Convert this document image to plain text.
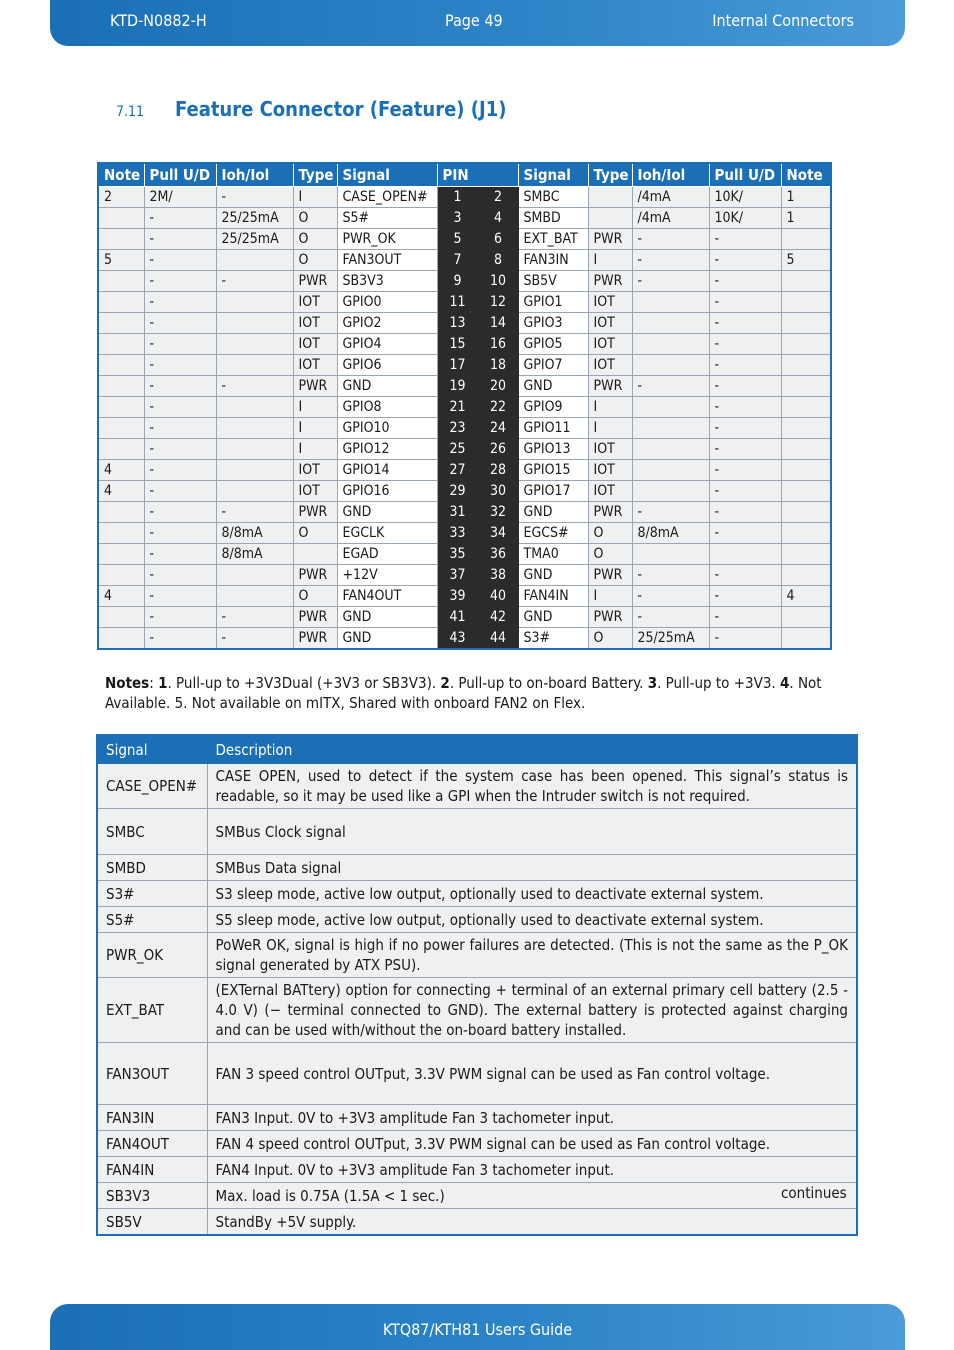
KTD-N0882-H	Page 49	Internal Connectors
7.11 Feature Connector (Feature) (J1)
Note	Pull U/D	Ioh/Iol	Type	Signal	PIN		Signal	Type	Ioh/Iol	Pull U/D	Note
2	2M/	-	I	CASE_OPEN#	1	2	SMBC		/4mA	10K/	1
	-	25/25mA	O	S5#	3	4	SMBD		/4mA	10K/	1
	-	25/25mA	O	PWR_OK	5	6	EXT_BAT	PWR	-	-	
5	-		O	FAN3OUT	7	8	FAN3IN	I	-	-	5
	-	-	PWR	SB3V3	9	10	SB5V	PWR	-	-	
	-		IOT	GPIO0	11	12	GPIO1	IOT		-	
	-		IOT	GPIO2	13	14	GPIO3	IOT		-	
	-		IOT	GPIO4	15	16	GPIO5	IOT		-	
	-		IOT	GPIO6	17	18	GPIO7	IOT		-	
	-	-	PWR	GND	19	20	GND	PWR	-	-	
	-		I	GPIO8	21	22	GPIO9	I		-	
	-		I	GPIO10	23	24	GPIO11	I		-	
	-		I	GPIO12	25	26	GPIO13	IOT		-	
4	-		IOT	GPIO14	27	28	GPIO15	IOT		-	
4	-		IOT	GPIO16	29	30	GPIO17	IOT		-	
	-	-	PWR	GND	31	32	GND	PWR	-	-	
	-	8/8mA	O	EGCLK	33	34	EGCS#	O	8/8mA	-	
	-	8/8mA		EGAD	35	36	TMA0	O			
	-		PWR	+12V	37	38	GND	PWR	-	-	
4	-		O	FAN4OUT	39	40	FAN4IN	I	-	-	4
	-	-	PWR	GND	41	42	GND	PWR	-	-	
	-	-	PWR	GND	43	44	S3#	O	25/25mA	-	
Notes: 1. Pull-up to +3V3Dual (+3V3 or SB3V3). 2. Pull-up to on-board Battery. 3. Pull-up to +3V3. 4. Not Available. 5. Not available on mITX, Shared with onboard FAN2 on Flex.
Signal	Description
CASE_OPEN#	CASE OPEN, used to detect if the system case has been opened. This signal’s status is readable, so it may be used like a GPI when the Intruder switch is not required.
SMBC	SMBus Clock signal
SMBD	SMBus Data signal
S3#	S3 sleep mode, active low output, optionally used to deactivate external system.
S5#	S5 sleep mode, active low output, optionally used to deactivate external system.
PWR_OK	PoWeR OK, signal is high if no power failures are detected. (This is not the same as the P_OK signal generated by ATX PSU).
EXT_BAT	(EXTernal BATtery) option for connecting + terminal of an external primary cell battery (2.5 - 4.0 V) (− terminal connected to GND). The external battery is protected against charging and can be used with/without the on-board battery installed.
FAN3OUT	FAN 3 speed control OUTput, 3.3V PWM signal can be used as Fan control voltage.
FAN3IN	FAN3 Input. 0V to +3V3 amplitude Fan 3 tachometer input.
FAN4OUT	FAN 4 speed control OUTput, 3.3V PWM signal can be used as Fan control voltage.
FAN4IN	FAN4 Input. 0V to +3V3 amplitude Fan 3 tachometer input.
SB3V3	Max. load is 0.75A (1.5A < 1 sec.)
SB5V	StandBy +5V supply.
continues
KTQ87/KTH81 Users Guide
